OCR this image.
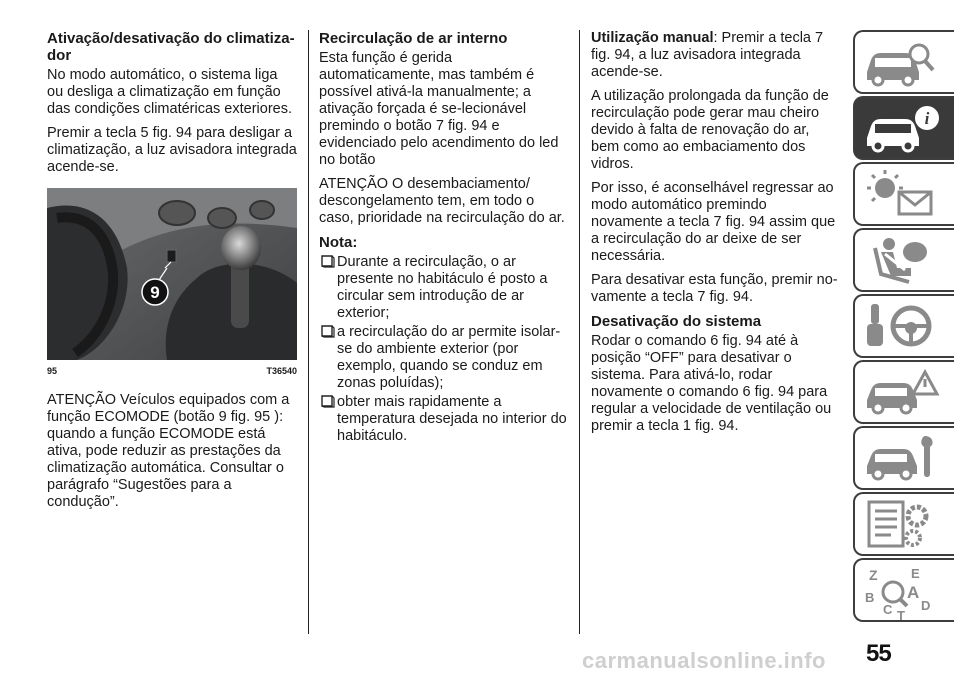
Ativação/desativação do climatiza-dor

No modo automático, o sistema liga ou desliga a climatização em função das condições climatéricas exteriores.

Premir a tecla 5 fig. 94 para desligar a climatização, a luz avisadora integrada acende-se.

9
95	T36540

ATENÇÃO Veículos equipados com a função ECOMODE (botão 9 fig. 95 ): quando a função ECOMODE está ativa, pode reduzir as prestações da climatização automática. Consultar o parágrafo “Sugestões para a condução”.

Recirculação de ar interno

Esta função é gerida automaticamente, mas também é possível ativá-la manualmente; a ativação forçada é se-lecionável premindo o botão 7 fig. 94 e evidenciado pelo acendimento do led no botão

ATENÇÃO O desembaciamento/ descongelamento tem, em todo o caso, prioridade na recirculação do ar.

Nota:
Durante a recirculação, o ar presente no habitáculo é posto a circular sem introdução de ar exterior;
a recirculação do ar permite isolar-se do ambiente exterior (por exemplo, quando se conduz em zonas poluídas);
obter mais rapidamente a temperatura desejada no interior do habitáculo.

Utilização manual: Premir a tecla 7 fig. 94, a luz avisadora integrada acende-se.

A utilização prolongada da função de recirculação pode gerar mau cheiro devido à falta de renovação do ar, bem como ao embaciamento dos vidros.

Por isso, é aconselhável regressar ao modo automático premindo novamente a tecla 7 fig. 94 assim que a recirculação do ar deixe de ser necessária.

Para desativar esta função, premir no-vamente a tecla 7 fig. 94.

Desativação do sistema

Rodar o comando 6 fig. 94 até à posição “OFF” para desativar o sistema. Para ativá-lo, rodar novamente o comando 6 fig. 94 para regular a velocidade de ventilação ou premir a tecla 1 fig. 94.

i
Z	E
B A
C D
T
55
carmanualsonline.info
